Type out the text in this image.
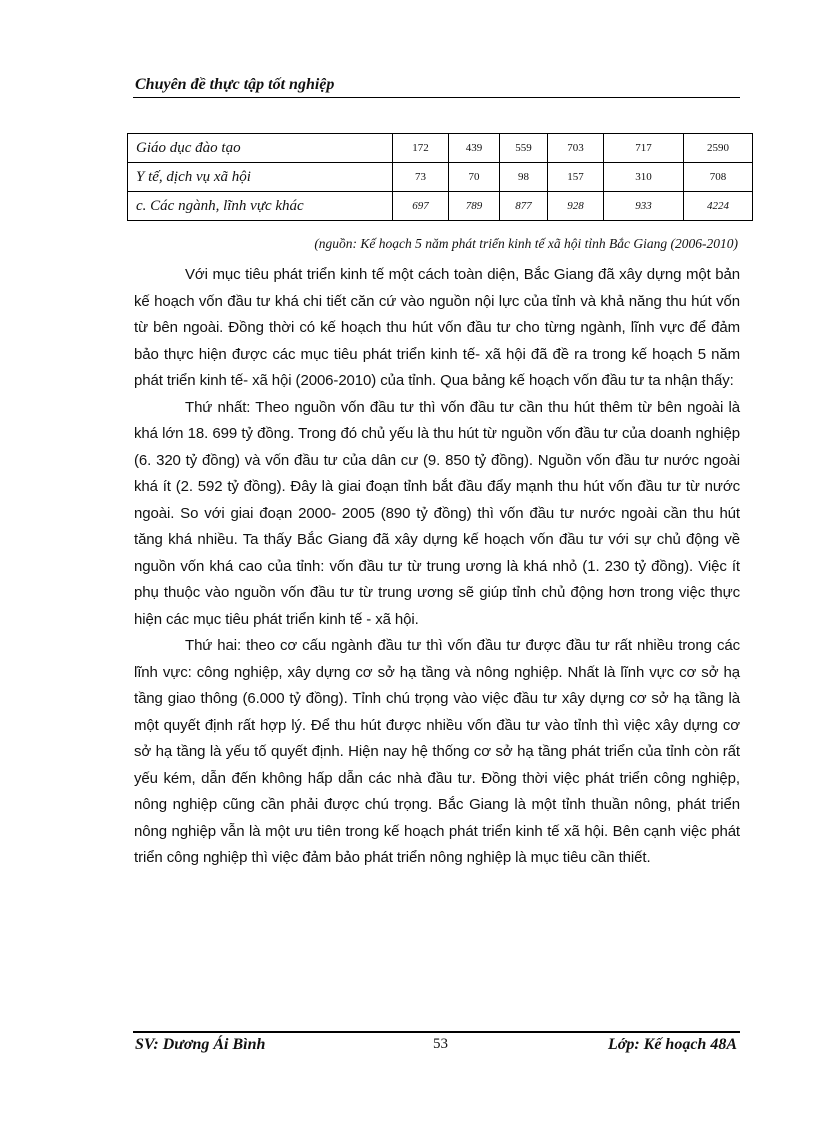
Chuyên đề thực tập tốt nghiệp
Giáo dục đào tạo	172	439	559	703	717	2590
Y tế, dịch vụ xã hội	73	70	98	157	310	708
c. Các ngành, lĩnh vực khác	697	789	877	928	933	4224
(nguồn: Kế hoạch 5 năm phát triển kinh tế xã hội tỉnh Bắc Giang (2006-2010)

Với mục tiêu phát triển kinh tế một cách toàn diện, Bắc Giang đã xây dựng một bản kế hoạch vốn đầu tư khá chi tiết căn cứ vào nguồn nội lực của tỉnh và khả năng thu hút vốn từ bên ngoài. Đồng thời có kế hoạch thu hút vốn đầu tư cho từng ngành, lĩnh vực để đảm bảo thực hiện được các mục tiêu phát triển kinh tế- xã hội đã đề ra trong kế hoạch 5 năm phát triển kinh tế- xã hội (2006-2010) của tỉnh. Qua bảng kế hoạch vốn đầu tư ta nhận thấy:

Thứ nhất: Theo nguồn vốn đầu tư thì vốn đầu tư cần thu hút thêm từ bên ngoài là khá lớn 18. 699 tỷ đồng. Trong đó chủ yếu là thu hút từ nguồn vốn đầu tư của doanh nghiệp (6. 320 tỷ đồng) và vốn đầu tư của dân cư (9. 850 tỷ đồng). Nguồn vốn đầu tư nước ngoài khá ít (2. 592 tỷ đồng). Đây là giai đoạn tỉnh bắt đầu đẩy mạnh thu hút vốn đầu tư từ nước ngoài. So với giai đoạn 2000- 2005 (890 tỷ đồng) thì vốn đầu tư nước ngoài cần thu hút tăng khá nhiều. Ta thấy Bắc Giang đã xây dựng kế hoạch vốn đầu tư với sự chủ động về nguồn vốn khá cao của tỉnh: vốn đầu tư từ trung ương là khá nhỏ (1. 230 tỷ đồng). Việc ít phụ thuộc vào nguồn vốn đầu tư từ trung ương sẽ giúp tỉnh chủ động hơn trong việc thực hiện các mục tiêu phát triển kinh tế - xã hội.

Thứ hai: theo cơ cấu ngành đầu tư thì vốn đầu tư được đầu tư rất nhiều trong các lĩnh vực: công nghiệp, xây dựng cơ sở hạ tầng và nông nghiệp. Nhất là lĩnh vực cơ sở hạ tầng giao thông (6.000 tỷ đồng). Tỉnh chú trọng vào việc đầu tư xây dựng cơ sở hạ tầng là một quyết định rất hợp lý. Để thu hút được nhiều vốn đầu tư vào tỉnh thì việc xây dựng cơ sở hạ tầng là yếu tố quyết định. Hiện nay hệ thống cơ sở hạ tầng phát triển của tỉnh còn rất yếu kém, dẫn đến không hấp dẫn các nhà đầu tư. Đồng thời việc phát triển công nghiệp, nông nghiệp cũng cần phải được chú trọng. Bắc Giang là một tỉnh thuần nông, phát triển nông nghiệp vẫn là một ưu tiên trong kế hoạch phát triển kinh tế xã hội. Bên cạnh việc phát triển công nghiệp thì việc đảm bảo phát triển nông nghiệp là mục tiêu cần thiết.

SV: Dương Ái Bình	53	Lớp: Kế hoạch 48A
